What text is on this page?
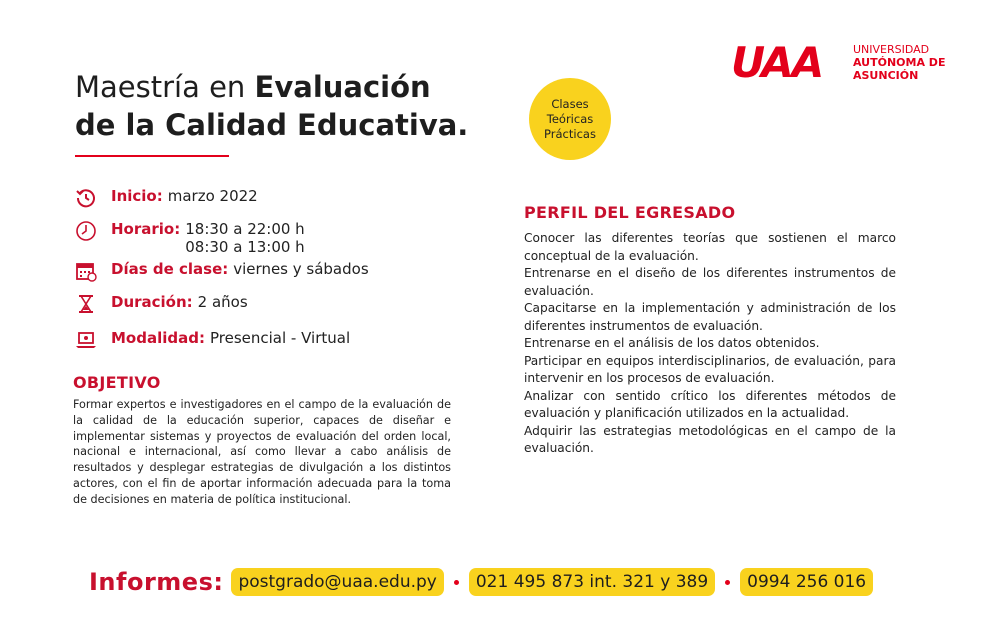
Maestría en Evaluación
de la Calidad Educativa.
Clases
Teóricas
Prácticas
UAA	UNIVERSIDAD
AUTÓNOMA DE
ASUNCIÓN
Inicio: marzo 2022
Horario: 18:30 a 22:00 h
08:30 a 13:00 h
Días de clase: viernes y sábados
Duración: 2 años
Modalidad: Presencial - Virtual
OBJETIVO
Formar expertos e investigadores en el campo de la evaluación de la calidad de la educación superior, capaces de diseñar e implementar sistemas y proyectos de evaluación del orden local, nacional e internacional, así como llevar a cabo análisis de resultados y desplegar estrategias de divulgación a los distintos actores, con el fin de aportar información adecuada para la toma de decisiones en materia de política institucional.
PERFIL DEL EGRESADO

Conocer las diferentes teorías que sostienen el marco conceptual de la evaluación.

Entrenarse en el diseño de los diferentes instrumentos de evaluación.

Capacitarse en la implementación y administración de los diferentes instrumentos de evaluación.

Entrenarse en el análisis de los datos obtenidos.

Participar en equipos interdisciplinarios, de evaluación, para intervenir en los procesos de evaluación.

Analizar con sentido crítico los diferentes métodos de evaluación y planificación utilizados en la actualidad.

Adquirir las estrategias metodológicas en el campo de la evaluación.

Informes: postgrado@uaa.edu.py	021 495 873 int. 321 y 389	0994 256 016
